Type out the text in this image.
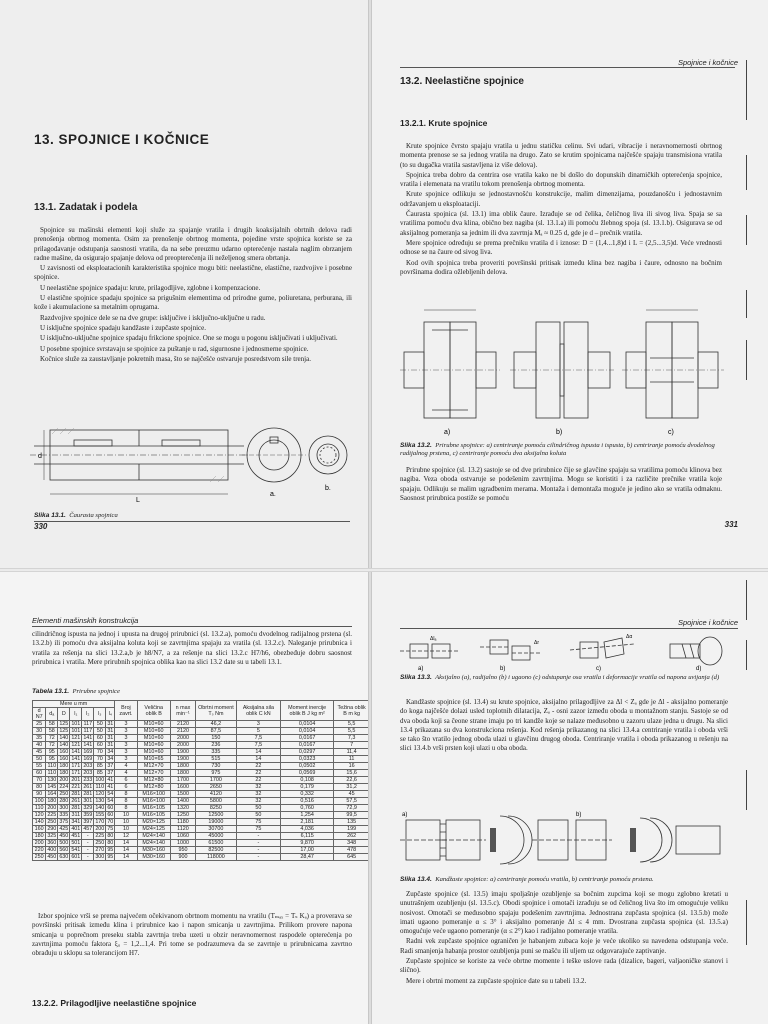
13. SPOJNICE I KOČNICE
13.1. Zadatak i podela

Spojnice su mašinski elementi koji služe za spajanje vratila i drugih koaksijalnih obrtnih delova radi prenošenja obrtnog momenta. Osim za prenošenje obrtnog momenta, pojedine vrste spojnica koriste se za prilagođavanje odstupanja saosnosti vratila, da na sebe preuzmu udarno opterećenje nastala naglim obrzanjem radne mašine, da osigurajo spajanje delova od preopterećenja ili neželjenog smera obrtanja.

U zavisnosti od eksploatacionih karakteristika spojnice mogu biti: neelastične, elastične, razdvojive i posebne spojnice.

U neelastične spojnice spadaju: krute, prilagodljive, zglobne i kompenzacione.

U elastične spojnice spadaju spojnice sa prigušnim elementima od prirodne gume, poliuretana, perburana, ili kože i akumulacione sa metalnim oprugama.

Razdvojive spojnice dele se na dve grupe: isključive i isključno-uključne u radu.

U isključne spojnice spadaju kandžaste i zupčaste spojnice.

U isključno-uključne spojnice spadaju frikcione spojnice. One se mogu u pogonu isključivati i uključivati.

U posebne spojnice svrstavaju se spojnice za puštanje u rad, sigurnosne i jednosmerne spojnice.

Kočnice služe za zaustavljanje pokretnih masa, što se najčešće ostvaruje posredstvom sile trenja.

d
L
a.
b.
Slika 13.1. Čaurasta spojnica
330
Spojnice i kočnice
13.2. Neelastične spojnice
13.2.1. Krute spojnice

Krute spojnice čvrsto spajaju vratila u jednu statičku celinu. Svi udari, vibracije i neravnomernosti obrtnog momenta prenose se sa jednog vratila na drugo. Zato se krutim spojnicama najčešće spajaju transmisiona vratila (to su dugačka vratila sastavljena iz više delova).

Spojnica treba dobro da centrira ose vratila kako ne bi došlo do dopunskih dinamičkih opterećenja spojnice, vratila i elemenata na vratilu tokom prenošenja obrtnog momenta.

Krute spojnice odlikuju se jednostavnošću konstrukcije, malim dimenzijama, pouzdanošću i jednostavnim održavanjem u eksploataciji.

Čaurasta spojnica (sl. 13.1) ima oblik čaure. Izrađuje se od čelika, čeličnog liva ili sivog liva. Spaja se sa vratilima pomoću dva klina, obično bez nagiba (sl. 13.1.a) ili pomoću žlebnog spoja (sl. 13.1.b). Osiguravа se od aksijalnog pomeranja sa jednim ili dva zavrtnja Mₐ ≈ 0.25 d, gde je d – prečnik vratila.

Mere spojnice određuju se prema prečniku vratila d i iznose: D = (1,4...1,8)d i L = (2,5...3,5)d. Veće vrednosti odnose se na čaure od sivog liva.

Kod ovih spojnica treba proveriti površinski pritisak između klina bez nagiba i čaure, odnosno na bočnim površinama dodira ožlebljenih delova.

a)	b)	c)
Slika 13.2. Prirubne spojnice: a) centriranje pomoću cilindričnog ispusta i ispusta, b) centriranje pomoću dvodelnog radijalnog prstena, c) centriranje pomoću dva aksijalna koluta

Prirubne spojnice (sl. 13.2) sastoje se od dve prirubnice čije se glavčine spajaju sa vratilima pomoću klinova bez nagiba. Veza oboda ostvaruje se podešenim zavrtnjima. Mogu se koristiti i za različite prečnike vratila koje spajaju. Odlikuju se malim ugradbenim merama. Montaža i demontaža moguće je jedino ako se vratila odmaknu. Saosnost prirubnica postiže se pomoću

331
Elementi mašinskih konstrukcija

cilindričnog ispusta na jednoj i upusta na drugoj prirubnici (sl. 13.2.a), pomoću dvodelnog radijalnog prstena (sl. 13.2.b) ili pomoću dva aksijalna koluta koji se zavrtnjima spajaju za vratila (sl. 13.2.c). Naleganje prirubnica i vratila za rešenja na slici 13.2.a,b je h8/N7, a za rešenje na slici 13.2.c H7/h6, obezbeđuje dobru saosnost prirubnica i vratila. Mere prirubnih spojnica oblika kao na slici 13.2 date su u tabeli 13.1.

Tabela 13.1. Prirubne spojnice
Mere u mm							Broj zavrt.	Veličina oblik B	n max min⁻¹	Obrtni moment Tₛ Nm	Aksijalna sila oblik C kN	Moment inercije oblik B J kg m²	Težina oblik B m kg
d N7	dₐ	D	l₁	l₂	l₃	l₄							
25	58	125	101	117	50	31	3	M10×60	2120	46,2	3	0,0104	5,5
30	58	125	101	117	50	31	3	M10×60	2120	87,5	5	0,0104	5,5
35	72	140	121	141	60	31	3	M10×60	2000	150	7,5	0,0167	7,3
40	72	140	121	141	60	31	3	M10×60	2000	236	7,5	0,0167	7
45	95	160	141	169	70	34	3	M10×60	1900	335	14	0,0297	11,4
50	95	160	141	169	70	34	3	M10×65	1900	515	14	0,0323	11
55	110	180	171	203	85	37	4	M12×70	1800	730	22	0,0502	16
60	110	180	171	203	85	37	4	M12×70	1800	975	22	0,0569	15,6
70	130	200	201	233	100	41	6	M12×80	1700	1700	22	0,108	22,6
80	145	224	221	261	110	41	6	M12×80	1600	2650	32	0,179	31,2
90	164	250	281	281	120	54	8	M16×100	1500	4120	32	0,332	45
100	180	280	261	301	130	54	8	M16×100	1400	5800	32	0,516	57,5
110	200	300	281	329	140	60	8	M16×105	1320	8250	50	0,760	72,9
120	225	335	311	359	155	60	10	M16×105	1250	12500	50	1,254	99,5
140	250	375	341	397	170	70	10	M20×125	1180	19000	75	2,181	135
160	290	425	401	457	200	75	10	M24×125	1120	30700	75	4,036	199
180	325	450	451	-	225	80	12	M24×140	1060	45000	-	6,115	262
200	360	500	501	-	250	80	14	M24×140	1000	61500	-	9,870	348
220	400	560	541	-	270	95	14	M30×160	950	82500	-	17,00	478
250	450	630	601	-	300	95	14	M30×160	900	118000	-	28,47	645

Izbor spojnice vrši se prema najvećem očekivanom obrtnom momentu na vratilu (Tₘₐₓ = Tₛ Kₐ) a proverava se površinski pritisak između klina i prirubnice kao i napon smicanja u zavrtnjima. Prilikom provere napona smicanja u poprečnom preseku stabla zavrtnja treba uzeti u obzir neravnomernost raspodele opterećenja po zavrtnjima pomoću faktora ξᵤ = 1,2...1,4. Pri tome se podrazumeva da se zavrtnjе u prirubnicama zavrtno obrađuju u sklopu sa tolerancijom H7.

13.2.2. Prilagodljive neelastične spojnice
Spojnice i kočnice
a)	b)	c)	d)
Δlₐ
Δr
Δα
Slika 13.3. Aksijalno (a), radijalno (b) i ugaono (c) odstupanje osa vratila i deformacije vratila od napona uvijanja (d)

Kandžaste spojnice (sl. 13.4) su krute spojnice, aksijalno prilagodljive za Δl < Zₐ gde je Δl - aksijalno pomeranje do koga najčešće dolazi usled toplotnih dilatacija, Zₐ - osni zazor između oboda u montažnom stanju. Sastoje se od dva oboda koji sa čeone strane imaju po tri kandže koje se nalaze međusobno u zazoru ulaze jedna u drugu. Na slici 13.4 prikazana su dva konstrukciona rešenja. Kod rešenja prikazanog na slici 13.4.a centriranje vratila i oboda vrši se tako što vratilo jednog oboda ulazi u glavčinu drugog oboda. Centriranje vratila i oboda prikazanog u rešenju na slici 13.4.b vrši prsten koji ulazi u oba oboda.

a)	b)
Slika 13.4. Kandžaste spojnice: a) centriranje pomoću vratila, b) centriranje pomoću prstena.

Zupčaste spojnice (sl. 13.5) imaju spoljašnje ozubljenje sa bočnim zupcima koji se mogu zglobno kretati u unutrašnjem ozubljenju (sl. 13.5.c). Obodi spojnice i omotači izrađuju se od čeličnog liva što im omogućuje veliku nosivost. Omotači se međusobno spajaju podešenim zavrtnjima. Jednostrana zupčasta spojnica (sl. 13.5.b) može imati ugaono pomeranje α ≤ 3° i aksijalno pomeranje Δl ≤ 4 mm. Dvostrana zupčasta spojnica (sl. 13.5.a) omogućuje veće ugaono pomeranje (α ≤ 2°) kao i radijalno pomeranje vratila.

Radni vek zupčaste spojnice ograničen je habanjem zubaca koje je veće ukoliko su navedena odstupanja veće. Radi smanjenja habanja prostor ozubljenja puni se mašću ili uljem uz odgovarajuće zaptivanje.

Zupčaste spojnice se koriste za veće obrtne momente i teške uslove rada (dizalice, bageri, valjaoničke stanovi i slično).

Mere i obrtni moment za zupčaste spojnice date su u tabeli 13.2.
